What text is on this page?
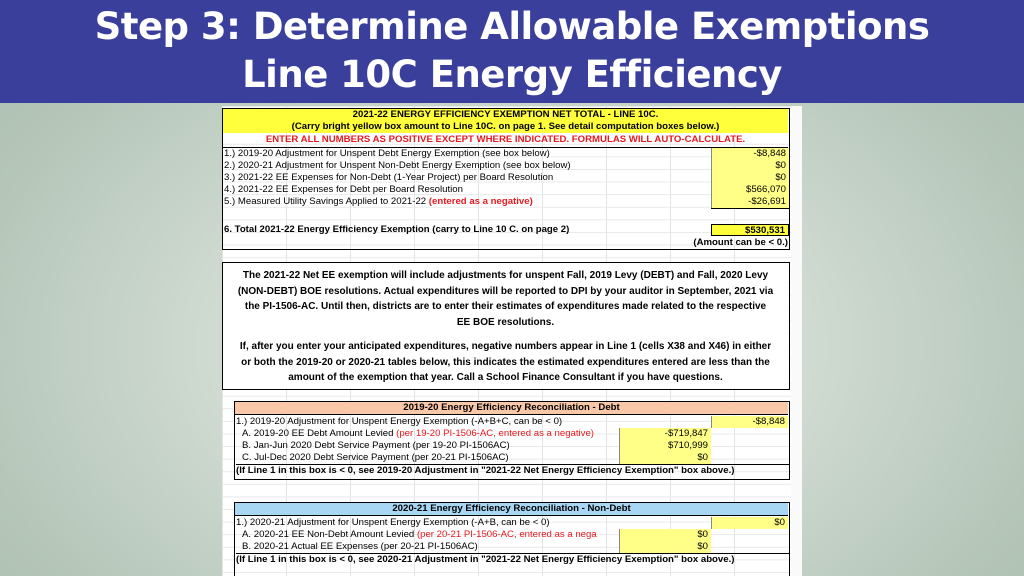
Step 3: Determine Allowable Exemptions
Line 10C Energy Efficiency
2021-22 ENERGY EFFICIENCY EXEMPTION NET TOTAL - LINE 10C.
(Carry bright yellow box amount to Line 10C. on page 1. See detail computation boxes below.)
ENTER ALL NUMBERS AS POSITIVE EXCEPT WHERE INDICATED. FORMULAS WILL AUTO-CALCULATE.
1.) 2019-20 Adjustment for Unspent Debt Energy Exemption (see box below)	-$8,848
2.) 2020-21 Adjustment for Unspent Non-Debt Energy Exemption (see box below)	$0
3.) 2021-22 EE Expenses for Non-Debt (1-Year Project) per Board Resolution	$0
4.) 2021-22 EE Expenses for Debt per Board Resolution	$566,070
5.) Measured Utility Savings Applied to 2021-22 (entered as a negative)	-$26,691
6. Total 2021-22 Energy Efficiency Exemption (carry to Line 10 C. on page 2)	$530,531
(Amount can be < 0.)
The 2021-22 Net EE exemption will include adjustments for unspent Fall, 2019 Levy (DEBT) and Fall, 2020 Levy
(NON-DEBT) BOE resolutions. Actual expenditures will be reported to DPI by your auditor in September, 2021 via
the PI-1506-AC. Until then, districts are to enter their estimates of expenditures made related to the respective
EE BOE resolutions.
If, after you enter your anticipated expenditures, negative numbers appear in Line 1 (cells X38 and X46) in either
or both the 2019-20 or 2020-21 tables below, this indicates the estimated expenditures entered are less than the
amount of the exemption that year. Call a School Finance Consultant if you have questions.
2019-20 Energy Efficiency Reconciliation - Debt
1.) 2019-20 Adjustment for Unspent Energy Exemption (-A+B+C, can be < 0)	-$8,848
A. 2019-20 EE Debt Amount Levied (per 19-20 PI-1506-AC, entered as a negative)	-$719,847
B. Jan-Jun 2020 Debt Service Payment (per 19-20 PI-1506AC)	$710,999
C. Jul-Dec 2020 Debt Service Payment (per 20-21 PI-1506AC)	$0
(If Line 1 in this box is < 0, see 2019-20 Adjustment in "2021-22 Net Energy Efficiency Exemption" box above.)
2020-21 Energy Efficiency Reconciliation - Non-Debt
1.) 2020-21 Adjustment for Unspent Energy Exemption (-A+B, can be < 0)	$0
A. 2020-21 EE Non-Debt Amount Levied (per 20-21 PI-1506-AC, entered as a nega	$0
B. 2020-21 Actual EE Expenses (per 20-21 PI-1506AC)	$0
(If Line 1 in this box is < 0, see 2020-21 Adjustment in "2021-22 Net Energy Efficiency Exemption" box above.)
